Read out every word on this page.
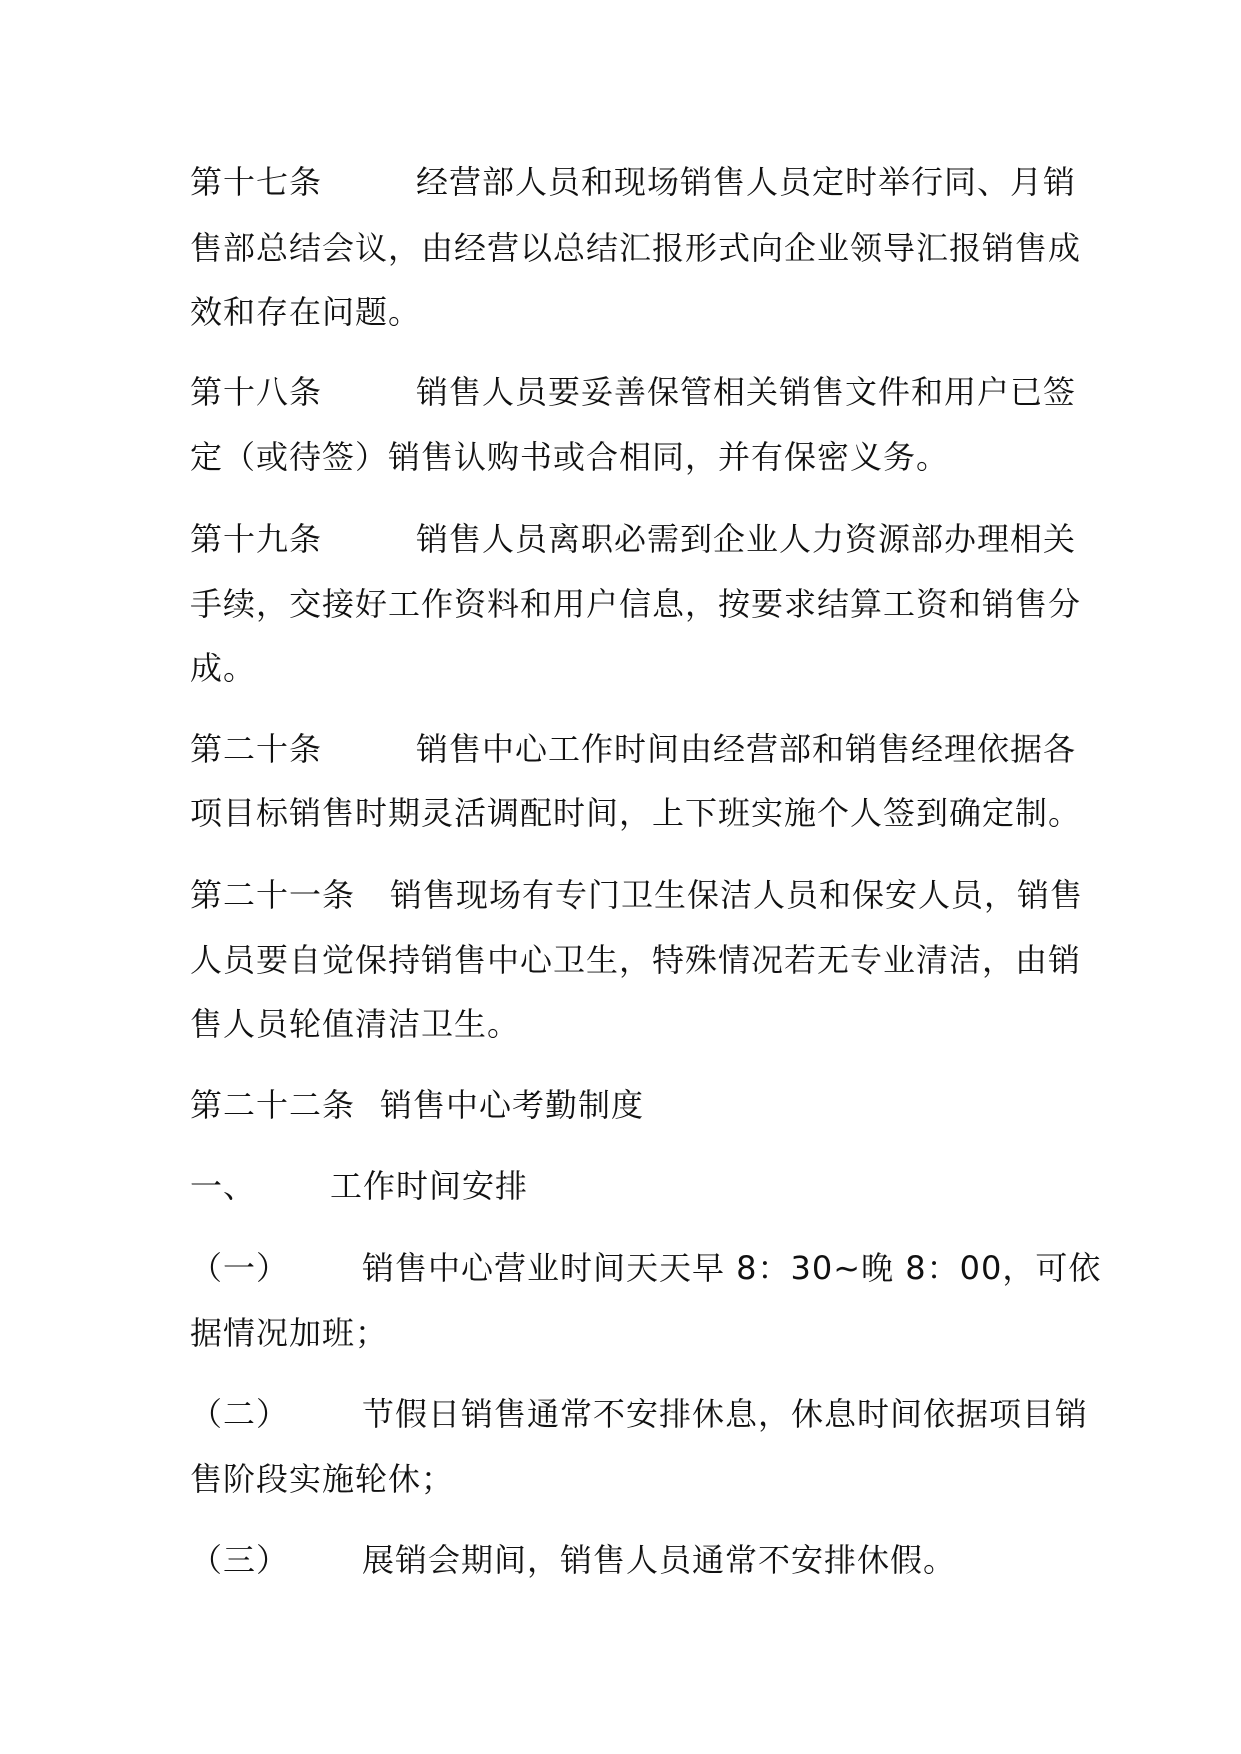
第十七条

	经营部人员和现场销售人员定时举行同、月销

售部总结会议，由经营以总结汇报形式向企业领导汇报销售成
效和存在问题。

第十八条

	销售人员要妥善保管相关销售文件和用户已签

定（或待签）销售认购书或合相同，并有保密义务。

第十九条

	销售人员离职必需到企业人力资源部办理相关

手续，交接好工作资料和用户信息，按要求结算工资和销售分
成。

第二十条

	销售中心工作时间由经营部和销售经理依据各

项目标销售时期灵活调配时间，上下班实施个人签到确定制。

第二十一条

销售现场有专门卫生保洁人员和保安人员，销售

人员要自觉保持销售中心卫生，特殊情况若无专业清洁，由销
售人员轮值清洁卫生。

第二十二条

销售中心考勤制度

一、

工作时间安排

（一）

销售中心营业时间天天早 8：30~晚 8：00，可依

据情况加班；

（二）

节假日销售通常不安排休息，休息时间依据项目销

售阶段实施轮休；

（三）

展销会期间，销售人员通常不安排休假。
